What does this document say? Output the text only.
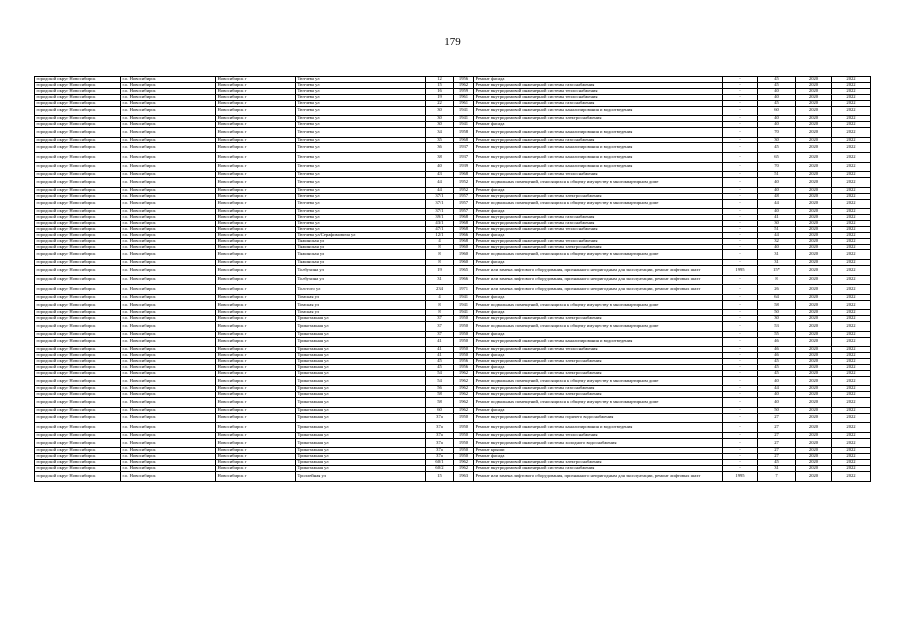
179
городской округ Новосибирск	г.о. Новосибирск	Новосибирск г	Тютчева ул	12	1956	Ремонт фасада	-	45	2020	2022
городской округ Новосибирск	г.о. Новосибирск	Новосибирск г	Тютчева ул	15	1962	Ремонт внутридомовой инженерной системы газоснабжения	-	45	2020	2022
городской округ Новосибирск	г.о. Новосибирск	Новосибирск г	Тютчева ул	16	1959	Ремонт внутридомовой инженерной системы теплоснабжения	-	40	2020	2022
городской округ Новосибирск	г.о. Новосибирск	Новосибирск г	Тютчева ул	19	1961	Ремонт внутридомовой инженерной системы теплоснабжения	-	40	2020	2022
городской округ Новосибирск	г.о. Новосибирск	Новосибирск г	Тютчева ул	22	1961	Ремонт внутридомовой инженерной системы газоснабжения	-	45	2020	2022
городской округ Новосибирск	г.о. Новосибирск	Новосибирск г	Тютчева ул	30	1941	Ремонт внутридомовой инженерной системы канализирования и водоотведения	-	60	2020	2022
городской округ Новосибирск	г.о. Новосибирск	Новосибирск г	Тютчева ул	30	1941	Ремонт внутридомовой инженерной системы электроснабжения	-	40	2020	2022
городской округ Новосибирск	г.о. Новосибирск	Новосибирск г	Тютчева ул	30	1941	Ремонт фасада	-	40	2020	2022
городской округ Новосибирск	г.о. Новосибирск	Новосибирск г	Тютчева ул	34	1958	Ремонт внутридомовой инженерной системы канализирования и водоотведения	-	70	2020	2022
городской округ Новосибирск	г.о. Новосибирск	Новосибирск г	Тютчева ул	35	1968	Ремонт внутридомовой инженерной системы газоснабжения	-	30	2020	2022
городской округ Новосибирск	г.о. Новосибирск	Новосибирск г	Тютчева ул	36	1937	Ремонт внутридомовой инженерной системы канализирования и водоотведения	-	45	2020	2022
городской округ Новосибирск	г.о. Новосибирск	Новосибирск г	Тютчева ул	38	1937	Ремонт внутридомовой инженерной системы канализирования и водоотведения	-	65	2020	2022
городской округ Новосибирск	г.о. Новосибирск	Новосибирск г	Тютчева ул	40	1939	Ремонт внутридомовой инженерной системы канализирования и водоотведения	-	70	2020	2022
городской округ Новосибирск	г.о. Новосибирск	Новосибирск г	Тютчева ул	43	1968	Ремонт внутридомовой инженерной системы теплоснабжения	-	51	2020	2022
городской округ Новосибирск	г.о. Новосибирск	Новосибирск г	Тютчева ул	44	1952	Ремонт подвальных помещений, относящихся к общему имуществу в многоквартирном доме	-	40	2020	2022
городской округ Новосибирск	г.о. Новосибирск	Новосибирск г	Тютчева ул	44	1952	Ремонт фасада	-	40	2020	2022
городской округ Новосибирск	г.о. Новосибирск	Новосибирск г	Тютчева ул	37/1	1957	Ремонт внутридомовой инженерной системы электроснабжения	-	48	2020	2022
городской округ Новосибирск	г.о. Новосибирск	Новосибирск г	Тютчева ул	37/1	1957	Ремонт подвальных помещений, относящихся к общему имуществу в многоквартирном доме	-	44	2020	2022
городской округ Новосибирск	г.о. Новосибирск	Новосибирск г	Тютчева ул	37/1	1957	Ремонт фасада	-	40	2020	2022
городской округ Новосибирск	г.о. Новосибирск	Новосибирск г	Тютчева ул	39/1	1968	Ремонт внутридомовой инженерной системы газоснабжения	-	41	2020	2022
городской округ Новосибирск	г.о. Новосибирск	Новосибирск г	Тютчева ул	43/1	1968	Ремонт внутридомовой инженерной системы газоснабжения	-	30	2020	2022
городской округ Новосибирск	г.о. Новосибирск	Новосибирск г	Тютчева ул	47/1	1968	Ремонт внутридомовой инженерной системы теплоснабжения	-	51	2020	2022
городской округ Новосибирск	г.о. Новосибирск	Новосибирск г	Тютчева ул/Серафимовича ул	12/1	1966	Ремонт фасада	-	44	2020	2022
городской округ Новосибирск	г.о. Новосибирск	Новосибирск г	Тяжинская ул	4	1968	Ремонт внутридомовой инженерной системы теплоснабжения	-	32	2020	2022
городской округ Новосибирск	г.о. Новосибирск	Новосибирск г	Тяжинская ул	8	1960	Ремонт внутридомовой инженерной системы электроснабжения	-	40	2020	2022
городской округ Новосибирск	г.о. Новосибирск	Новосибирск г	Тяжинская ул	8	1960	Ремонт подвальных помещений, относящихся к общему имуществу в многоквартирном доме	-	31	2020	2022
городской округ Новосибирск	г.о. Новосибирск	Новосибирск г	Тяжинская ул	8	1960	Ремонт фасада	-	31	2020	2022
городской округ Новосибирск	г.о. Новосибирск	Новосибирск г	Толбухина ул	19	1965	Ремонт или замена лифтового оборудования, признанного непригодным для эксплуатации, ремонт лифтовых шахт	1995	15*	2020	2022
городской округ Новосибирск	г.о. Новосибирск	Новосибирск г	Толбухина ул	31	1966	Ремонт или замена лифтового оборудования, признанного непригодным для эксплуатации, ремонт лифтовых шахт	-	8	2020	2022
городской округ Новосибирск	г.о. Новосибирск	Новосибирск г	Толстого ул	234	1971	Ремонт или замена лифтового оборудования, признанного непригодным для эксплуатации, ремонт лифтовых шахт	-	26	2020	2022
городской округ Новосибирск	г.о. Новосибирск	Новосибирск г	Томская ул	4	1941	Ремонт фасада	-	64	2020	2022
городской округ Новосибирск	г.о. Новосибирск	Новосибирск г	Томская ул	8	1941	Ремонт подвальных помещений, относящихся к общему имуществу в многоквартирном доме	-	58	2020	2022
городской округ Новосибирск	г.о. Новосибирск	Новосибирск г	Томская ул	8	1941	Ремонт фасада	-	50	2020	2022
городской округ Новосибирск	г.о. Новосибирск	Новосибирск г	Трикотажная ул	37	1950	Ремонт внутридомовой инженерной системы электроснабжения	-	30	2020	2022
городской округ Новосибирск	г.о. Новосибирск	Новосибирск г	Трикотажная ул	37	1950	Ремонт подвальных помещений, относящихся к общему имуществу в многоквартирном доме	-	53	2020	2022
городской округ Новосибирск	г.о. Новосибирск	Новосибирск г	Трикотажная ул	37	1950	Ремонт фасада	-	55	2020	2022
городской округ Новосибирск	г.о. Новосибирск	Новосибирск г	Трикотажная ул	41	1950	Ремонт внутридомовой инженерной системы канализирования и водоотведения	-	46	2020	2022
городской округ Новосибирск	г.о. Новосибирск	Новосибирск г	Трикотажная ул	41	1950	Ремонт внутридомовой инженерной системы теплоснабжения	-	46	2020	2022
городской округ Новосибирск	г.о. Новосибирск	Новосибирск г	Трикотажная ул	41	1950	Ремонт фасада	-	46	2020	2022
городской округ Новосибирск	г.о. Новосибирск	Новосибирск г	Трикотажная ул	45	1956	Ремонт внутридомовой инженерной системы электроснабжения	-	45	2020	2022
городской округ Новосибирск	г.о. Новосибирск	Новосибирск г	Трикотажная ул	45	1956	Ремонт фасада	-	45	2020	2022
городской округ Новосибирск	г.о. Новосибирск	Новосибирск г	Трикотажная ул	54	1962	Ремонт внутридомовой инженерной системы электроснабжения	-	45	2020	2022
городской округ Новосибирск	г.о. Новосибирск	Новосибирск г	Трикотажная ул	54	1962	Ремонт подвальных помещений, относящихся к общему имуществу в многоквартирном доме	-	40	2020	2022
городской округ Новосибирск	г.о. Новосибирск	Новосибирск г	Трикотажная ул	56	1962	Ремонт внутридомовой инженерной системы газоснабжения	-	44	2020	2022
городской округ Новосибирск	г.о. Новосибирск	Новосибирск г	Трикотажная ул	58	1962	Ремонт внутридомовой инженерной системы электроснабжения	-	40	2020	2022
городской округ Новосибирск	г.о. Новосибирск	Новосибирск г	Трикотажная ул	58	1962	Ремонт подвальных помещений, относящихся к общему имуществу в многоквартирном доме	-	40	2020	2022
городской округ Новосибирск	г.о. Новосибирск	Новосибирск г	Трикотажная ул	60	1962	Ремонт фасада	-	50	2020	2022
городской округ Новосибирск	г.о. Новосибирск	Новосибирск г	Трикотажная ул	37а	1950	Ремонт внутридомовой инженерной системы горячего водоснабжения	-	27	2020	2022
городской округ Новосибирск	г.о. Новосибирск	Новосибирск г	Трикотажная ул	37а	1950	Ремонт внутридомовой инженерной системы канализирования и водоотведения	-	27	2020	2022
городской округ Новосибирск	г.о. Новосибирск	Новосибирск г	Трикотажная ул	37а	1950	Ремонт внутридомовой инженерной системы теплоснабжения	-	27	2020	2022
городской округ Новосибирск	г.о. Новосибирск	Новосибирск г	Трикотажная ул	37а	1950	Ремонт внутридомовой инженерной системы холодного водоснабжения	-	27	2020	2022
городской округ Новосибирск	г.о. Новосибирск	Новосибирск г	Трикотажная ул	37а	1950	Ремонт крыши	-	27	2020	2022
городской округ Новосибирск	г.о. Новосибирск	Новосибирск г	Трикотажная ул	37а	1950	Ремонт фасада	-	27	2020	2022
городской округ Новосибирск	г.о. Новосибирск	Новосибирск г	Трикотажная ул	60/1	1962	Ремонт внутридомовой инженерной системы электроснабжения	-	45	2020	2022
городской округ Новосибирск	г.о. Новосибирск	Новосибирск г	Трикотажная ул	60/2	1962	Ремонт внутридомовой инженерной системы газоснабжения	-	31	2020	2022
городской округ Новосибирск	г.о. Новосибирск	Новосибирск г	Троллейная ул	15	1963	Ремонт или замена лифтового оборудования, признанного непригодным для эксплуатации, ремонт лифтовых шахт	1995	7	2020	2022
